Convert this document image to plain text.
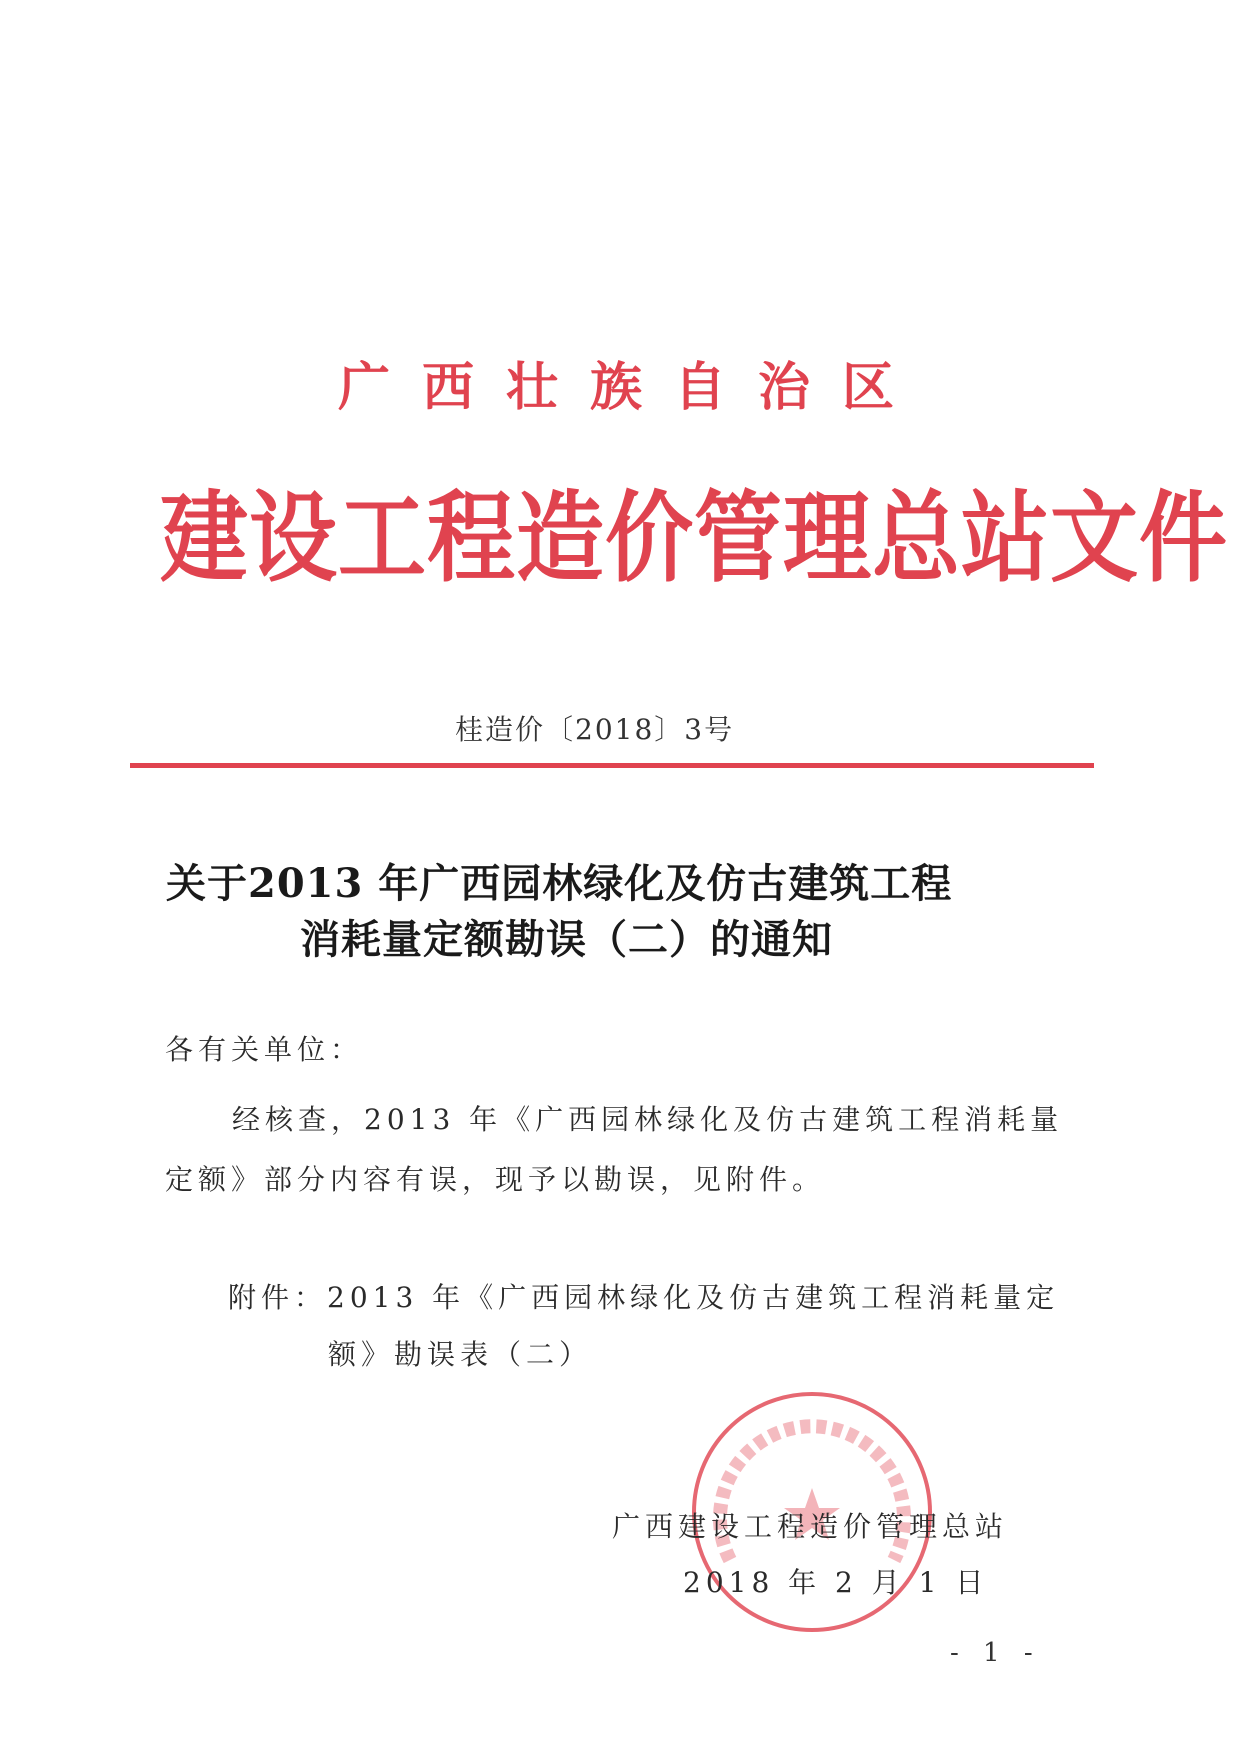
广西壮族自治区
建设工程造价管理总站文件
桂造价〔2018〕3号
关于2013 年广西园林绿化及仿古建筑工程
消耗量定额勘误（二）的通知
各有关单位：
经核查，2013 年《广西园林绿化及仿古建筑工程消耗量
定额》部分内容有误，现予以勘误，见附件。
附件：2013 年《广西园林绿化及仿古建筑工程消耗量定
额》勘误表（二）
广西建设工程造价管理总站
2018 年 2 月 1 日
- 1 -
